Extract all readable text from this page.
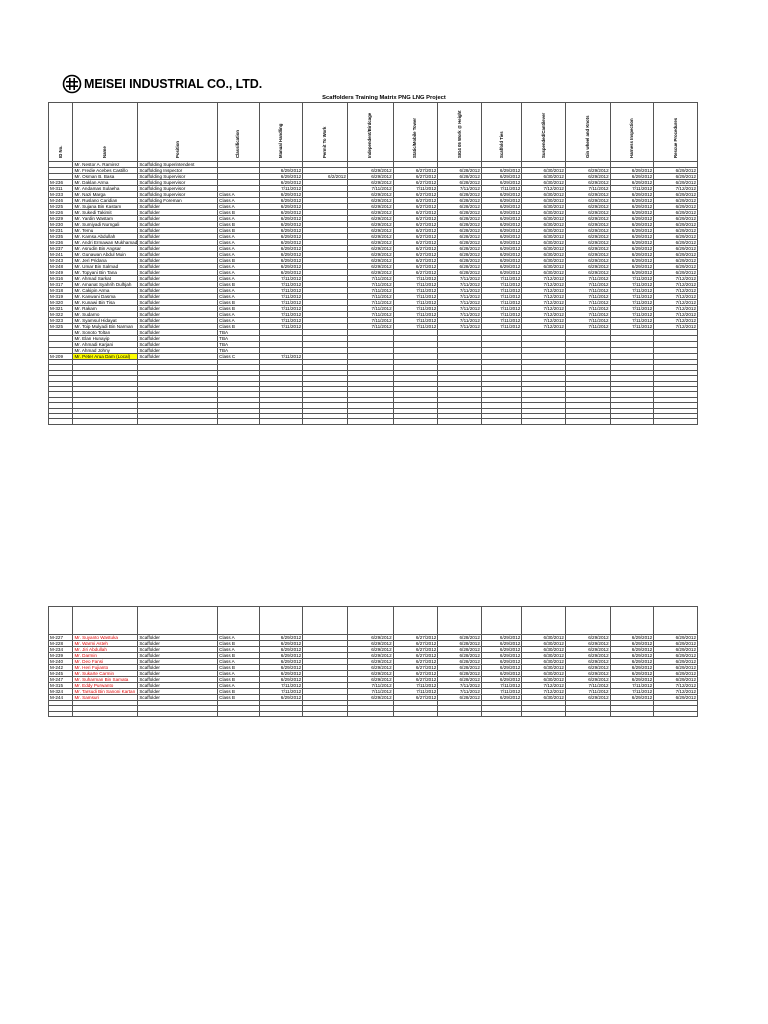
MEISEI INDUSTRIAL CO., LTD.
Scaffolders Training Matrix PNG LNG Project
ID No.	Name	Position	Classification	Manual Handling	Permit To Work	Independent/Birdcage	Static/Mobile Tower	SIG4 05 Work @ Height	Scaffold Ties	Suspended/Cantilever	Gin wheel and Knots	Harness Inspection	Rescue Procedures

	Mr. Nestor A. Ramirez	Scaffolding Superintendent											
	Mr. Fredie Acebes Castillo	Scaffolding Inspector		6/29/2012		6/29/2012	6/27/2012	6/28/2012	6/29/2012	6/30/2012	6/29/2012	6/29/2012	6/29/2012
	Mr. Osman B. Basa	Scaffolding Supervisor		6/29/2012	6/2/2012	6/29/2012	6/27/2012	6/28/2012	6/29/2012	6/30/2012	6/29/2012	6/29/2012	6/29/2012
M-236	Mr. Daklan Arma	Scaffolding Supervisor		6/29/2012		6/29/2012	6/27/2012	6/28/2012	6/29/2012	6/30/2012	6/29/2012	6/29/2012	6/29/2012
M-311	Mr. Andamas Sulaeha	Scaffolding Supervisor		7/11/2012		7/11/2012	7/11/2012	7/11/2012	7/11/2012	7/12/2012	7/11/2012	7/11/2012	7/12/2012
M-233	Mr. Nazi Marga	Scaffolding Supervisor	Class A	6/29/2012		6/29/2012	6/27/2012	6/28/2012	6/29/2012	6/30/2012	6/29/2012	6/29/2012	6/29/2012
M-246	Mr. Ruslano Caridian	Scaffolding Foreman	Class A	6/29/2012		6/29/2012	6/27/2012	6/28/2012	6/29/2012	6/30/2012	6/29/2012	6/29/2012	6/29/2012
M-225	Mr. Sujana Bin Kastam	Scaffolder	Class A	6/29/2012		6/29/2012	6/27/2012	6/28/2012	6/29/2012	6/30/2012	6/29/2012	6/29/2012	6/29/2012
M-226	Mr. Sukedi Takimit	Scaffolder	Class B	6/29/2012		6/29/2012	6/27/2012	6/28/2012	6/29/2012	6/30/2012	6/29/2012	6/29/2012	6/29/2012
M-229	Mr. Yardin Wastam	Scaffolder	Class A	6/29/2012		6/29/2012	6/27/2012	6/28/2012	6/29/2012	6/30/2012	6/29/2012	6/29/2012	6/29/2012
M-230	Mr. Sumiyadi Nurngali	Scaffolder	Class B	6/29/2012		6/29/2012	6/27/2012	6/28/2012	6/29/2012	6/30/2012	6/29/2012	6/29/2012	6/29/2012
M-231	Mr. Temu	Scaffolder	Class B	6/29/2012		6/29/2012	6/27/2012	6/28/2012	6/29/2012	6/30/2012	6/29/2012	6/29/2012	6/29/2012
M-235	Mr. Kamsa Abdullah	Scaffolder	Class A	6/29/2012		6/29/2012	6/27/2012	6/28/2012	6/29/2012	6/30/2012	6/29/2012	6/29/2012	6/29/2012
M-236	Mr. Andri Ermawan Mukhamad	Scaffolder	Class A	6/29/2012		6/29/2012	6/27/2012	6/28/2012	6/29/2012	6/30/2012	6/29/2012	6/29/2012	6/29/2012
M-237	Mr. Asrudin Bin Angsar	Scaffolder	Class A	6/29/2012		6/29/2012	6/27/2012	6/28/2012	6/29/2012	6/30/2012	6/29/2012	6/29/2012	6/29/2012
M-241	Mr. Gunawan Abdul Muin	Scaffolder	Class A	6/29/2012		6/29/2012	6/27/2012	6/28/2012	6/29/2012	6/30/2012	6/29/2012	6/29/2012	6/29/2012
M-243	Mr. Jeri Pridana	Scaffolder	Class B	6/29/2012		6/29/2012	6/27/2012	6/28/2012	6/29/2012	6/30/2012	6/29/2012	6/29/2012	6/29/2012
M-248	Mr. Umar Bin Salmad	Scaffolder	Class A	6/29/2012		6/29/2012	6/27/2012	6/28/2012	6/29/2012	6/30/2012	6/29/2012	6/29/2012	6/29/2012
M-249	Mr. Topyani Bin Tana	Scaffolder	Class A	6/29/2012		6/29/2012	6/27/2012	6/28/2012	6/29/2012	6/30/2012	6/29/2012	6/29/2012	6/29/2012
M-316	Mr. Ahmad Sarkat	Scaffolder	Class A	7/11/2012		7/11/2012	7/11/2012	7/11/2012	7/11/2012	7/12/2012	7/11/2012	7/11/2012	7/12/2012
M-317	Mr. Amanat Syahrih Dulhjah	Scaffolder	Class B	7/11/2012		7/11/2012	7/11/2012	7/11/2012	7/11/2012	7/12/2012	7/11/2012	7/11/2012	7/12/2012
M-318	Mr. Cakipin Arma	Scaffolder	Class A	7/11/2012		7/11/2012	7/11/2012	7/11/2012	7/11/2012	7/12/2012	7/11/2012	7/11/2012	7/12/2012
M-319	Mr. Kanwani Dasma	Scaffolder	Class A	7/11/2012		7/11/2012	7/11/2012	7/11/2012	7/11/2012	7/12/2012	7/11/2012	7/11/2012	7/12/2012
M-320	Mr. Kunawi Bin Tisa	Scaffolder	Class B	7/11/2012		7/11/2012	7/11/2012	7/11/2012	7/11/2012	7/12/2012	7/11/2012	7/11/2012	7/12/2012
M-321	Mr. Rakam	Scaffolder	Class B	7/11/2012		7/11/2012	7/11/2012	7/11/2012	7/11/2012	7/12/2012	7/11/2012	7/11/2012	7/12/2012
M-322	Mr. Sudarno	Scaffolder	Class A	7/11/2012		7/11/2012	7/11/2012	7/11/2012	7/11/2012	7/12/2012	7/11/2012	7/11/2012	7/12/2012
M-323	Mr. Syamsul Hidayat	Scaffolder	Class A	7/11/2012		7/11/2012	7/11/2012	7/11/2012	7/11/2012	7/12/2012	7/11/2012	7/11/2012	7/12/2012
M-325	Mr. Toip Mulyadi Bin Narman	Scaffolder	Class B	7/11/2012		7/11/2012	7/11/2012	7/11/2012	7/11/2012	7/12/2012	7/11/2012	7/11/2012	7/12/2012
	Mr. Sonoto Toltan	Scaffolder	TBA										
	Mr. Elan Hunayip	Scaffolder	TBA										
	Mr. Ahmadi Karjani	Scaffolder	TBA										
	Mr. Ahmad Johny	Scaffolder	TBA										
M-209	Mr. Peter Arua Dam (Local)	Scaffolder	Class C	7/11/2012									

M-227	Mr. Suyanto Wastuka	Scaffolder	Class A	6/29/2012		6/29/2012	6/27/2012	6/28/2012	6/29/2012	6/30/2012	6/29/2012	6/29/2012	6/29/2012
M-228	Mr. Warmi Asteh	Scaffolder	Class B	6/29/2012		6/29/2012	6/27/2012	6/28/2012	6/29/2012	6/30/2012	6/29/2012	6/29/2012	6/29/2012
M-234	Mr. Jiri Abdullah	Scaffolder	Class A	6/29/2012		6/29/2012	6/27/2012	6/28/2012	6/29/2012	6/30/2012	6/29/2012	6/29/2012	6/29/2012
M-239	Mr. Darmin	Scaffolder	Class B	6/29/2012		6/29/2012	6/27/2012	6/28/2012	6/29/2012	6/30/2012	6/29/2012	6/29/2012	6/29/2012
M-240	Mr. Deo Fansi	Scaffolder	Class A	6/29/2012		6/29/2012	6/27/2012	6/28/2012	6/29/2012	6/30/2012	6/29/2012	6/29/2012	6/29/2012
M-242	Mr. Heri Fujianto	Scaffolder	Class B	6/29/2012		6/29/2012	6/27/2012	6/28/2012	6/29/2012	6/30/2012	6/29/2012	6/29/2012	6/29/2012
M-245	Mr. Sukarte Carmin	Scaffolder	Class A	6/29/2012		6/29/2012	6/27/2012	6/28/2012	6/29/2012	6/30/2012	6/29/2012	6/29/2012	6/29/2012
M-247	Mr. Suharman Bin Samata	Scaffolder	Class B	6/29/2012		6/29/2012	6/27/2012	6/28/2012	6/29/2012	6/30/2012	6/29/2012	6/29/2012	6/29/2012
M-315	Mr. Eddy Purwanto	Scaffolder	Class A	7/11/2012		7/11/2012	7/11/2012	7/11/2012	7/11/2012	7/12/2012	7/11/2012	7/11/2012	7/12/2012
M-324	Mr. Tarsudi Bin Sanoni Kartan	Scaffolder	Class B	7/11/2012		7/11/2012	7/11/2012	7/11/2012	7/11/2012	7/12/2012	7/11/2012	7/11/2012	7/12/2012
M-244	Mr. Samsuri	Scaffolder	Class B	6/29/2012		6/29/2012	6/27/2012	6/28/2012	6/29/2012	6/30/2012	6/29/2012	6/29/2012	6/29/2012
